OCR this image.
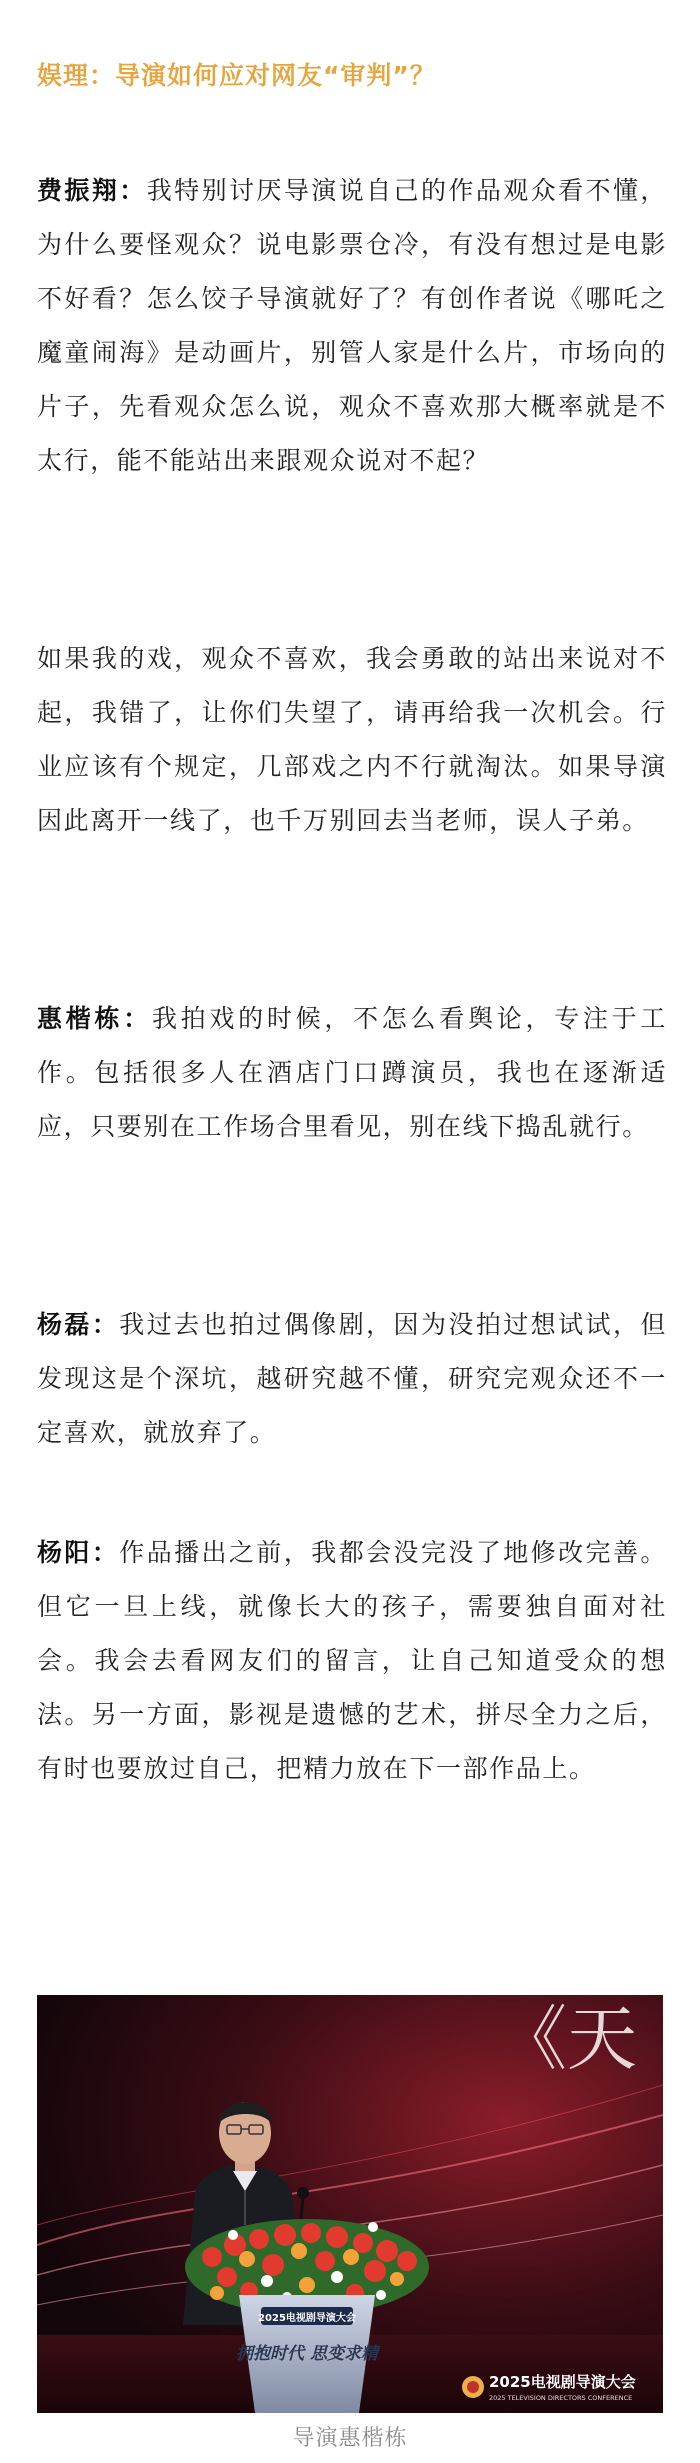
娱理：导演如何应对网友“审判”？

费振翔：我特别讨厌导演说自己的作品观众看不懂，为什么要怪观众？说电影票仓冷，有没有想过是电影不好看？怎么饺子导演就好了？有创作者说《哪吒之魔童闹海》是动画片，别管人家是什么片，市场向的片子，先看观众怎么说，观众不喜欢那大概率就是不太行，能不能站出来跟观众说对不起？

如果我的戏，观众不喜欢，我会勇敢的站出来说对不起，我错了，让你们失望了，请再给我一次机会。行业应该有个规定，几部戏之内不行就淘汰。如果导演因此离开一线了，也千万别回去当老师，误人子弟。

惠楷栋：我拍戏的时候，不怎么看舆论，专注于工作。包括很多人在酒店门口蹲演员，我也在逐渐适应，只要别在工作场合里看见，别在线下捣乱就行。

杨磊：我过去也拍过偶像剧，因为没拍过想试试，但发现这是个深坑，越研究越不懂，研究完观众还不一定喜欢，就放弃了。

杨阳：作品播出之前，我都会没完没了地修改完善。但它一旦上线，就像长大的孩子，需要独自面对社会。我会去看网友们的留言，让自己知道受众的想法。另一方面，影视是遗憾的艺术，拼尽全力之后，有时也要放过自己，把精力放在下一部作品上。

《天
2025电视剧导演大会
拥抱时代 思变求精
2025电视剧导演大会
2025 TELEVISION DIRECTORS CONFERENCE
导演惠楷栋
